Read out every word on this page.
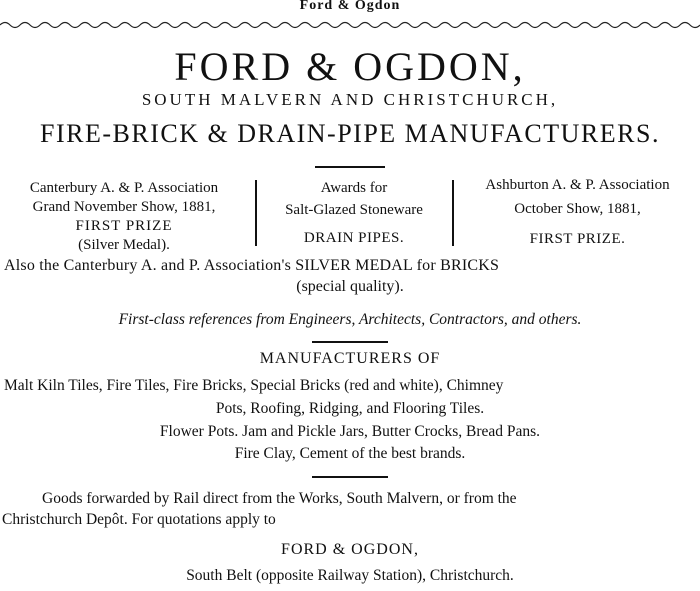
Ford & Ogdon
FORD & OGDON,
SOUTH MALVERN AND CHRISTCHURCH,
FIRE-BRICK & DRAIN-PIPE MANUFACTURERS.
Canterbury A. & P. Association
Grand November Show, 1881,
FIRST PRIZE
(Silver Medal).
Awards for
Salt-Glazed Stoneware
DRAIN PIPES.
Ashburton A. & P. Association
October Show, 1881,
FIRST PRIZE.
Also the Canterbury A. and P. Association's SILVER MEDAL for BRICKS
(special quality).
First-class references from Engineers, Architects, Contractors, and others.
MANUFACTURERS OF
Malt Kiln Tiles, Fire Tiles, Fire Bricks, Special Bricks (red and white), Chimney
Pots, Roofing, Ridging, and Flooring Tiles.
Flower Pots. Jam and Pickle Jars, Butter Crocks, Bread Pans.
Fire Clay, Cement of the best brands.
Goods forwarded by Rail direct from the Works, South Malvern, or from the
Christchurch Depôt. For quotations apply to
FORD & OGDON,
South Belt (opposite Railway Station), Christchurch.
